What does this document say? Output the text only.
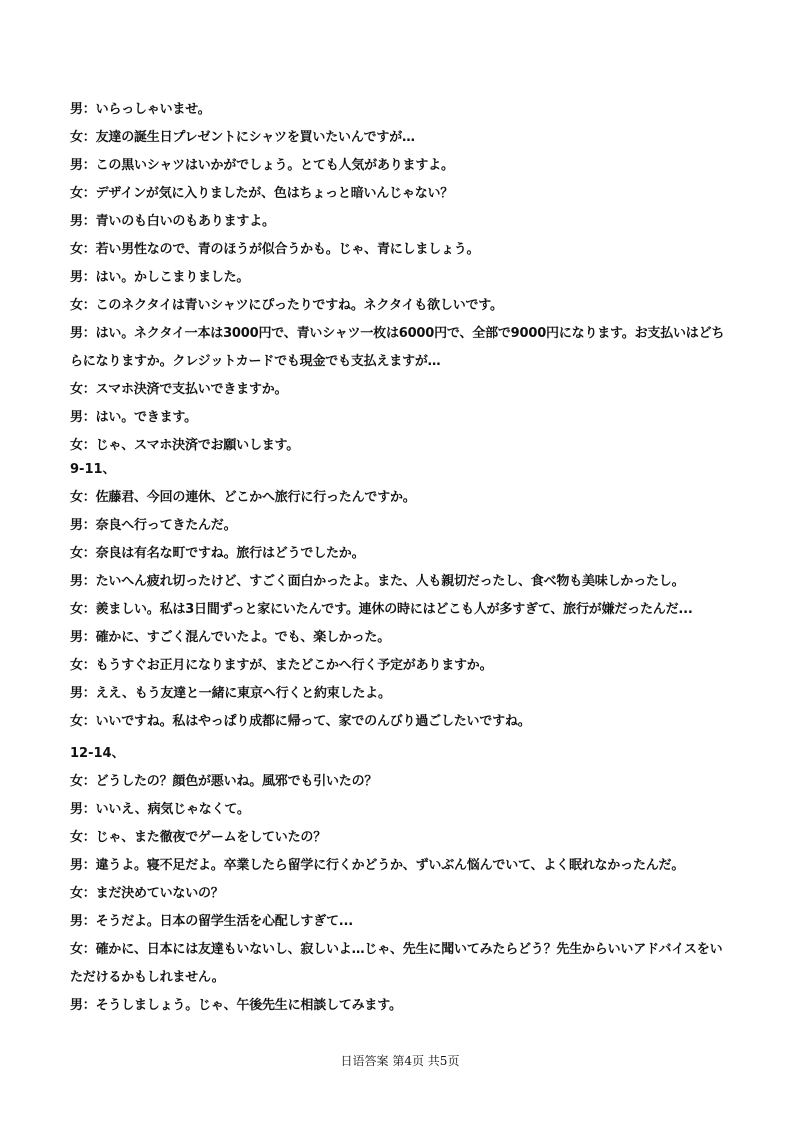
男：いらっしゃいませ。
女：友達の誕生日プレゼントにシャツを買いたいんですが…
男：この黒いシャツはいかがでしょう。とても人気がありますよ。
女：デザインが気に入りましたが、色はちょっと暗いんじゃない？
男：青いのも白いのもありますよ。
女：若い男性なので、青のほうが似合うかも。じゃ、青にしましょう。
男：はい。かしこまりました。
女：このネクタイは青いシャツにぴったりですね。ネクタイも欲しいです。
男：はい。ネクタイ一本は3000円で、青いシャツ一枚は6000円で、全部で9000円になります。お支払いはどちらになりますか。クレジットカードでも現金でも支払えますが…
女：スマホ決済で支払いできますか。
男：はい。できます。
女：じゃ、スマホ決済でお願いします。
9-11、
女：佐藤君、今回の連休、どこかへ旅行に行ったんですか。
男：奈良へ行ってきたんだ。
女：奈良は有名な町ですね。旅行はどうでしたか。
男：たいへん疲れ切ったけど、すごく面白かったよ。また、人も親切だったし、食べ物も美味しかったし。
女：羨ましい。私は3日間ずっと家にいたんです。連休の時にはどこも人が多すぎて、旅行が嫌だったんだ...
男：確かに、すごく混んでいたよ。でも、楽しかった。
女：もうすぐお正月になりますが、またどこかへ行く予定がありますか。
男：ええ、もう友達と一緒に東京へ行くと約束したよ。
女：いいですね。私はやっぱり成都に帰って、家でのんびり過ごしたいですね。
12-14、
女：どうしたの？顔色が悪いね。風邪でも引いたの？
男：いいえ、病気じゃなくて。
女：じゃ、また徹夜でゲームをしていたの？
男：違うよ。寝不足だよ。卒業したら留学に行くかどうか、ずいぶん悩んでいて、よく眠れなかったんだ。
女：まだ決めていないの？
男：そうだよ。日本の留学生活を心配しすぎて...
女：確かに、日本には友達もいないし、寂しいよ…じゃ、先生に聞いてみたらどう？先生からいいアドバイスをいただけるかもしれません。
男：そうしましょう。じゃ、午後先生に相談してみます。
日语答案 第4页 共5页
